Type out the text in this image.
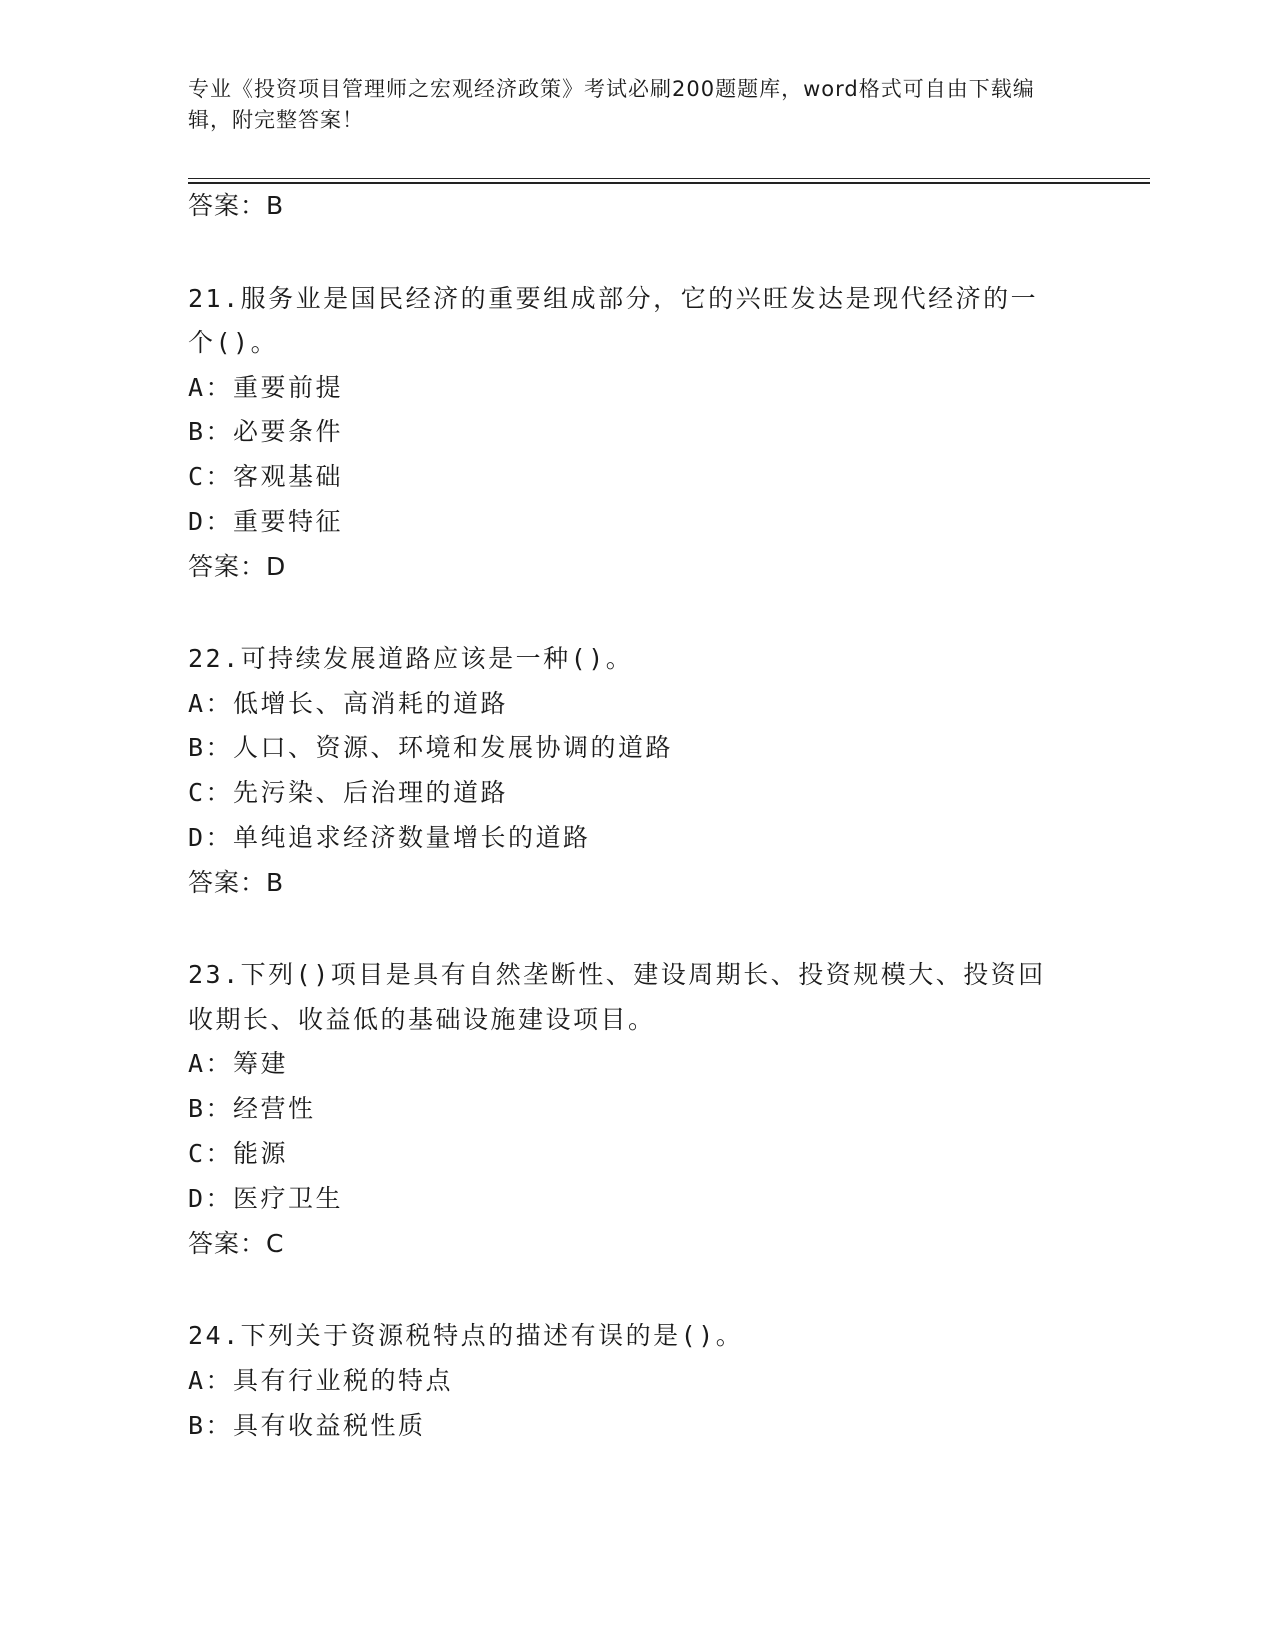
专业《投资项目管理师之宏观经济政策》考试必刷200题题库，word格式可自由下载编辑，附完整答案！
答案：B
21.服务业是国民经济的重要组成部分，它的兴旺发达是现代经济的一
个()。
A：重要前提
B：必要条件
C：客观基础
D：重要特征
答案：D
22.可持续发展道路应该是一种()。
A：低增长、高消耗的道路
B：人口、资源、环境和发展协调的道路
C：先污染、后治理的道路
D：单纯追求经济数量增长的道路
答案：B
23.下列()项目是具有自然垄断性、建设周期长、投资规模大、投资回
收期长、收益低的基础设施建设项目。
A：筹建
B：经营性
C：能源
D：医疗卫生
答案：C
24.下列关于资源税特点的描述有误的是()。
A：具有行业税的特点
B：具有收益税性质
